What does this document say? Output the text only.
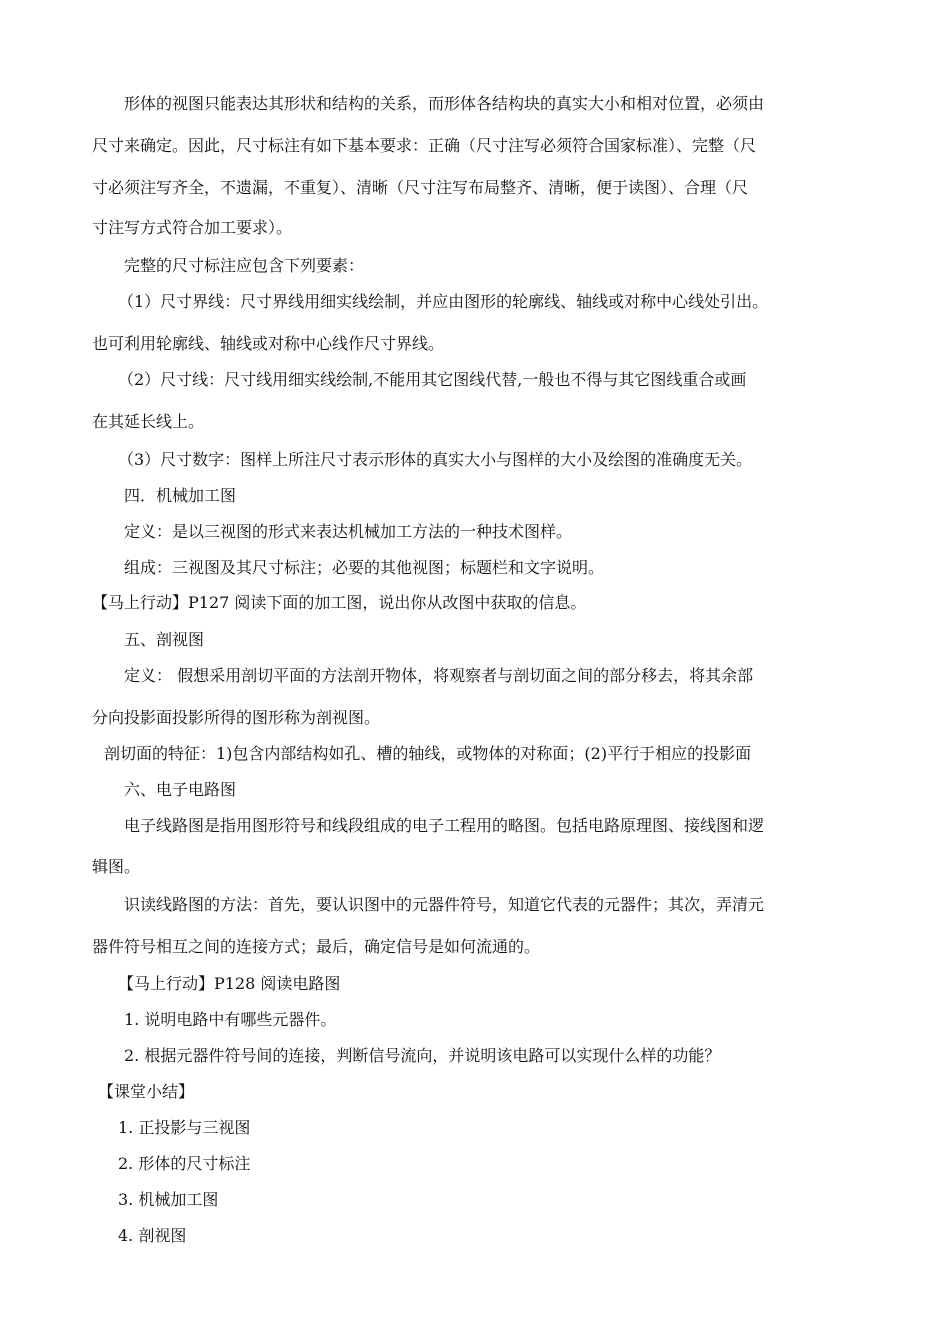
形体的视图只能表达其形状和结构的关系，而形体各结构块的真实大小和相对位置，必须由
尺寸来确定。因此，尺寸标注有如下基本要求：正确（尺寸注写必须符合国家标准）、完整（尺
寸必须注写齐全，不遗漏，不重复）、清晰（尺寸注写布局整齐、清晰，便于读图）、合理（尺
寸注写方式符合加工要求）。
完整的尺寸标注应包含下列要素：
（1）尺寸界线：尺寸界线用细实线绘制，并应由图形的轮廓线、轴线或对称中心线处引出。
也可利用轮廓线、轴线或对称中心线作尺寸界线。
（2）尺寸线：尺寸线用细实线绘制,不能用其它图线代替,一般也不得与其它图线重合或画
在其延长线上。
（3）尺寸数字：图样上所注尺寸表示形体的真实大小与图样的大小及绘图的准确度无关。
四．机械加工图
定义：是以三视图的形式来表达机械加工方法的一种技术图样。
组成：三视图及其尺寸标注；必要的其他视图；标题栏和文字说明。
【马上行动】P127 阅读下面的加工图，说出你从改图中获取的信息。
五、剖视图
定义： 假想采用剖切平面的方法剖开物体，将观察者与剖切面之间的部分移去，将其余部
分向投影面投影所得的图形称为剖视图。
剖切面的特征：1)包含内部结构如孔、槽的轴线，或物体的对称面；(2)平行于相应的投影面
六、电子电路图
电子线路图是指用图形符号和线段组成的电子工程用的略图。包括电路原理图、接线图和逻
辑图。
识读线路图的方法：首先，要认识图中的元器件符号，知道它代表的元器件；其次，弄清元
器件符号相互之间的连接方式；最后，确定信号是如何流通的。
【马上行动】P128 阅读电路图
1. 说明电路中有哪些元器件。
2. 根据元器件符号间的连接，判断信号流向，并说明该电路可以实现什么样的功能？
【课堂小结】
1. 正投影与三视图
2. 形体的尺寸标注
3. 机械加工图
4. 剖视图
